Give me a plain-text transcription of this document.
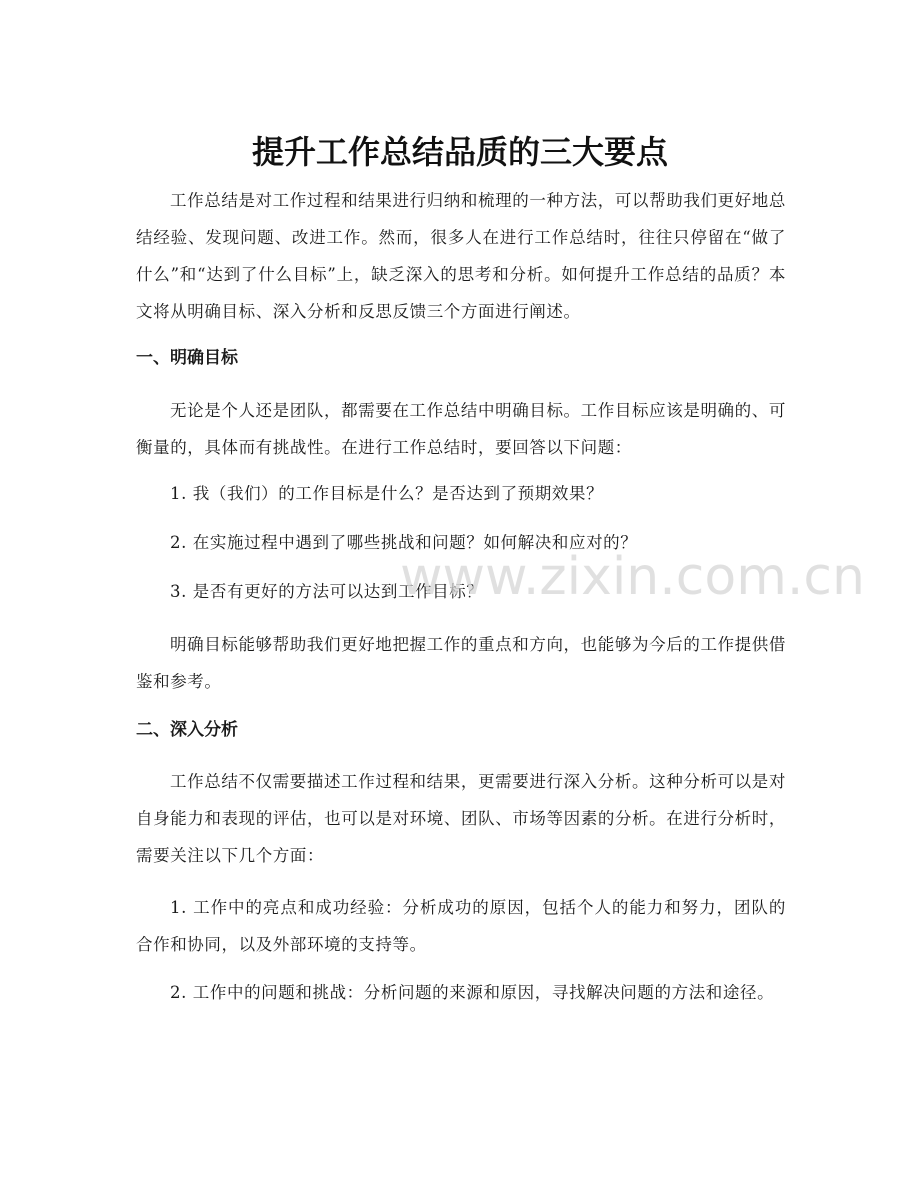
提升工作总结品质的三大要点

工作总结是对工作过程和结果进行归纳和梳理的一种方法，可以帮助我们更好地总结经验、发现问题、改进工作。然而，很多人在进行工作总结时，往往只停留在“做了什么”和“达到了什么目标”上，缺乏深入的思考和分析。如何提升工作总结的品质？本文将从明确目标、深入分析和反思反馈三个方面进行阐述。

一、明确目标

无论是个人还是团队，都需要在工作总结中明确目标。工作目标应该是明确的、可衡量的，具体而有挑战性。在进行工作总结时，要回答以下问题：

1. 我（我们）的工作目标是什么？是否达到了预期效果？

2. 在实施过程中遇到了哪些挑战和问题？如何解决和应对的？

3. 是否有更好的方法可以达到工作目标？

明确目标能够帮助我们更好地把握工作的重点和方向，也能够为今后的工作提供借鉴和参考。

二、深入分析

工作总结不仅需要描述工作过程和结果，更需要进行深入分析。这种分析可以是对自身能力和表现的评估，也可以是对环境、团队、市场等因素的分析。在进行分析时，需要关注以下几个方面：

1. 工作中的亮点和成功经验：分析成功的原因，包括个人的能力和努力，团队的合作和协同，以及外部环境的支持等。

2. 工作中的问题和挑战：分析问题的来源和原因，寻找解决问题的方法和途径。

www.zixin.com.cn
